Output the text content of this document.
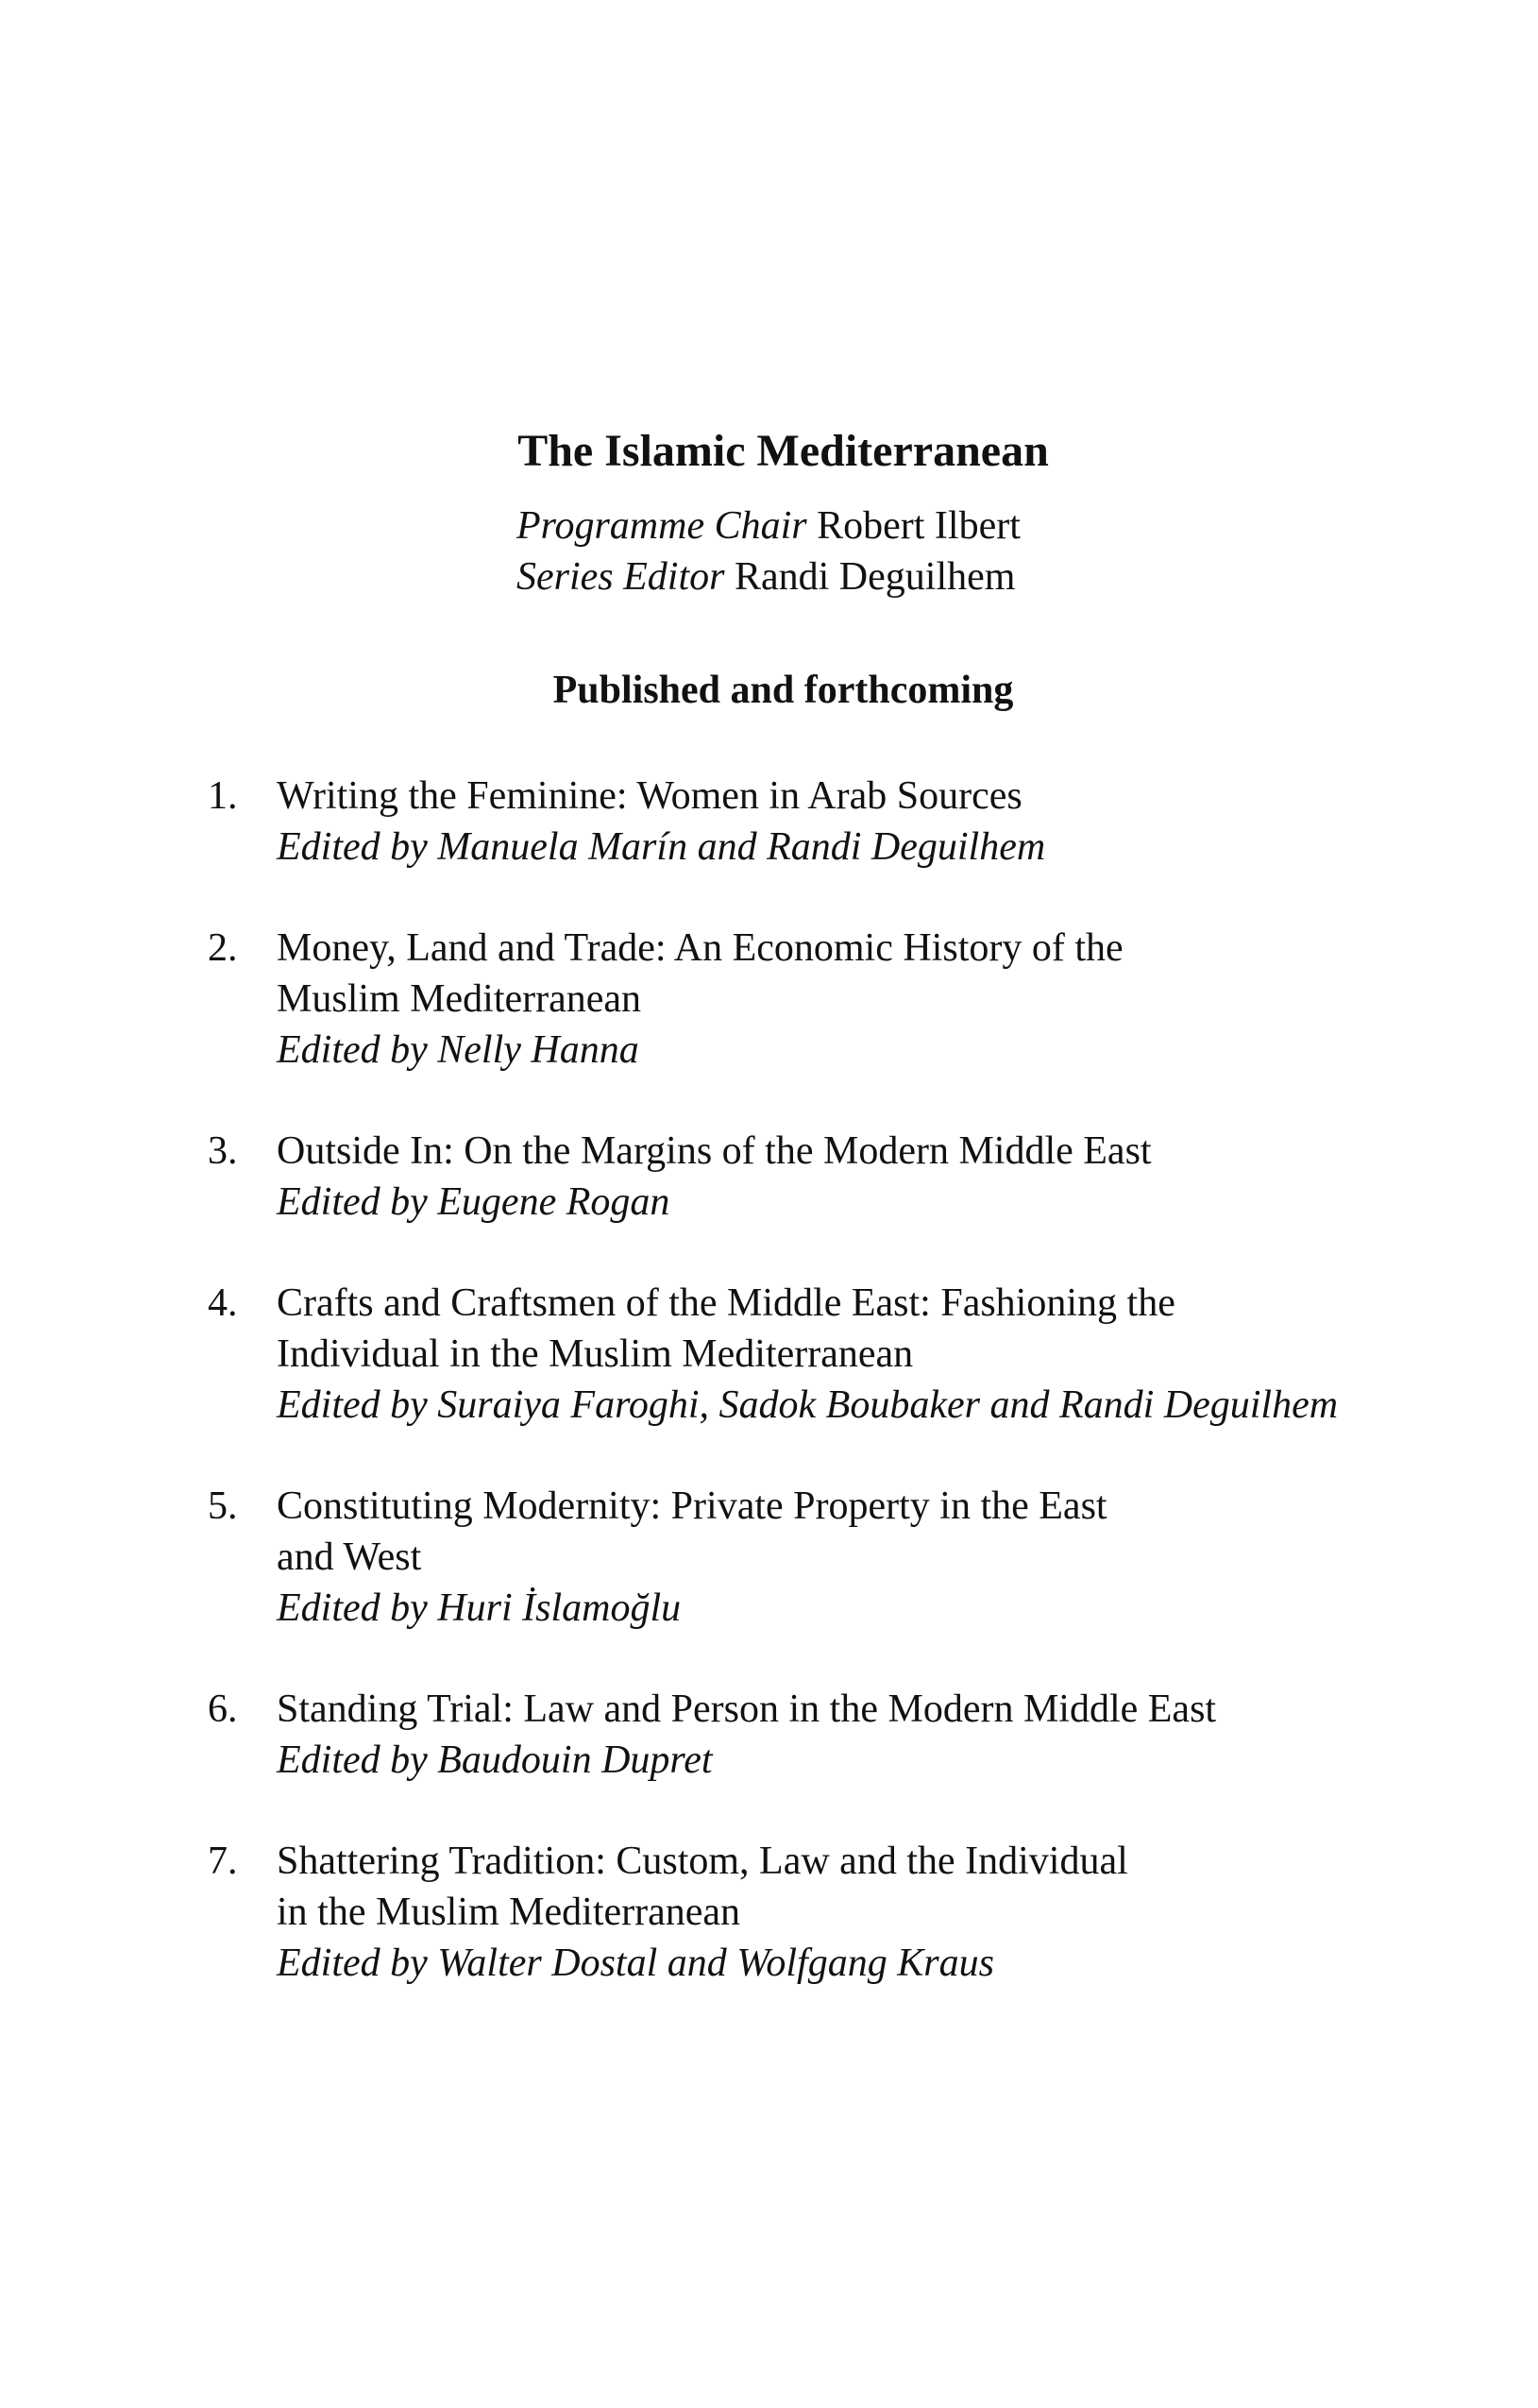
The Islamic Mediterranean
Programme Chair Robert Ilbert
Series Editor Randi Deguilhem
Published and forthcoming
1. Writing the Feminine: Women in Arab Sources
Edited by Manuela Marín and Randi Deguilhem
2. Money, Land and Trade: An Economic History of the
Muslim Mediterranean
Edited by Nelly Hanna
3. Outside In: On the Margins of the Modern Middle East
Edited by Eugene Rogan
4. Crafts and Craftsmen of the Middle East: Fashioning the
Individual in the Muslim Mediterranean
Edited by Suraiya Faroghi, Sadok Boubaker and Randi Deguilhem
5. Constituting Modernity: Private Property in the East
and West
Edited by Huri İslamoğlu
6. Standing Trial: Law and Person in the Modern Middle East
Edited by Baudouin Dupret
7. Shattering Tradition: Custom, Law and the Individual
in the Muslim Mediterranean
Edited by Walter Dostal and Wolfgang Kraus
